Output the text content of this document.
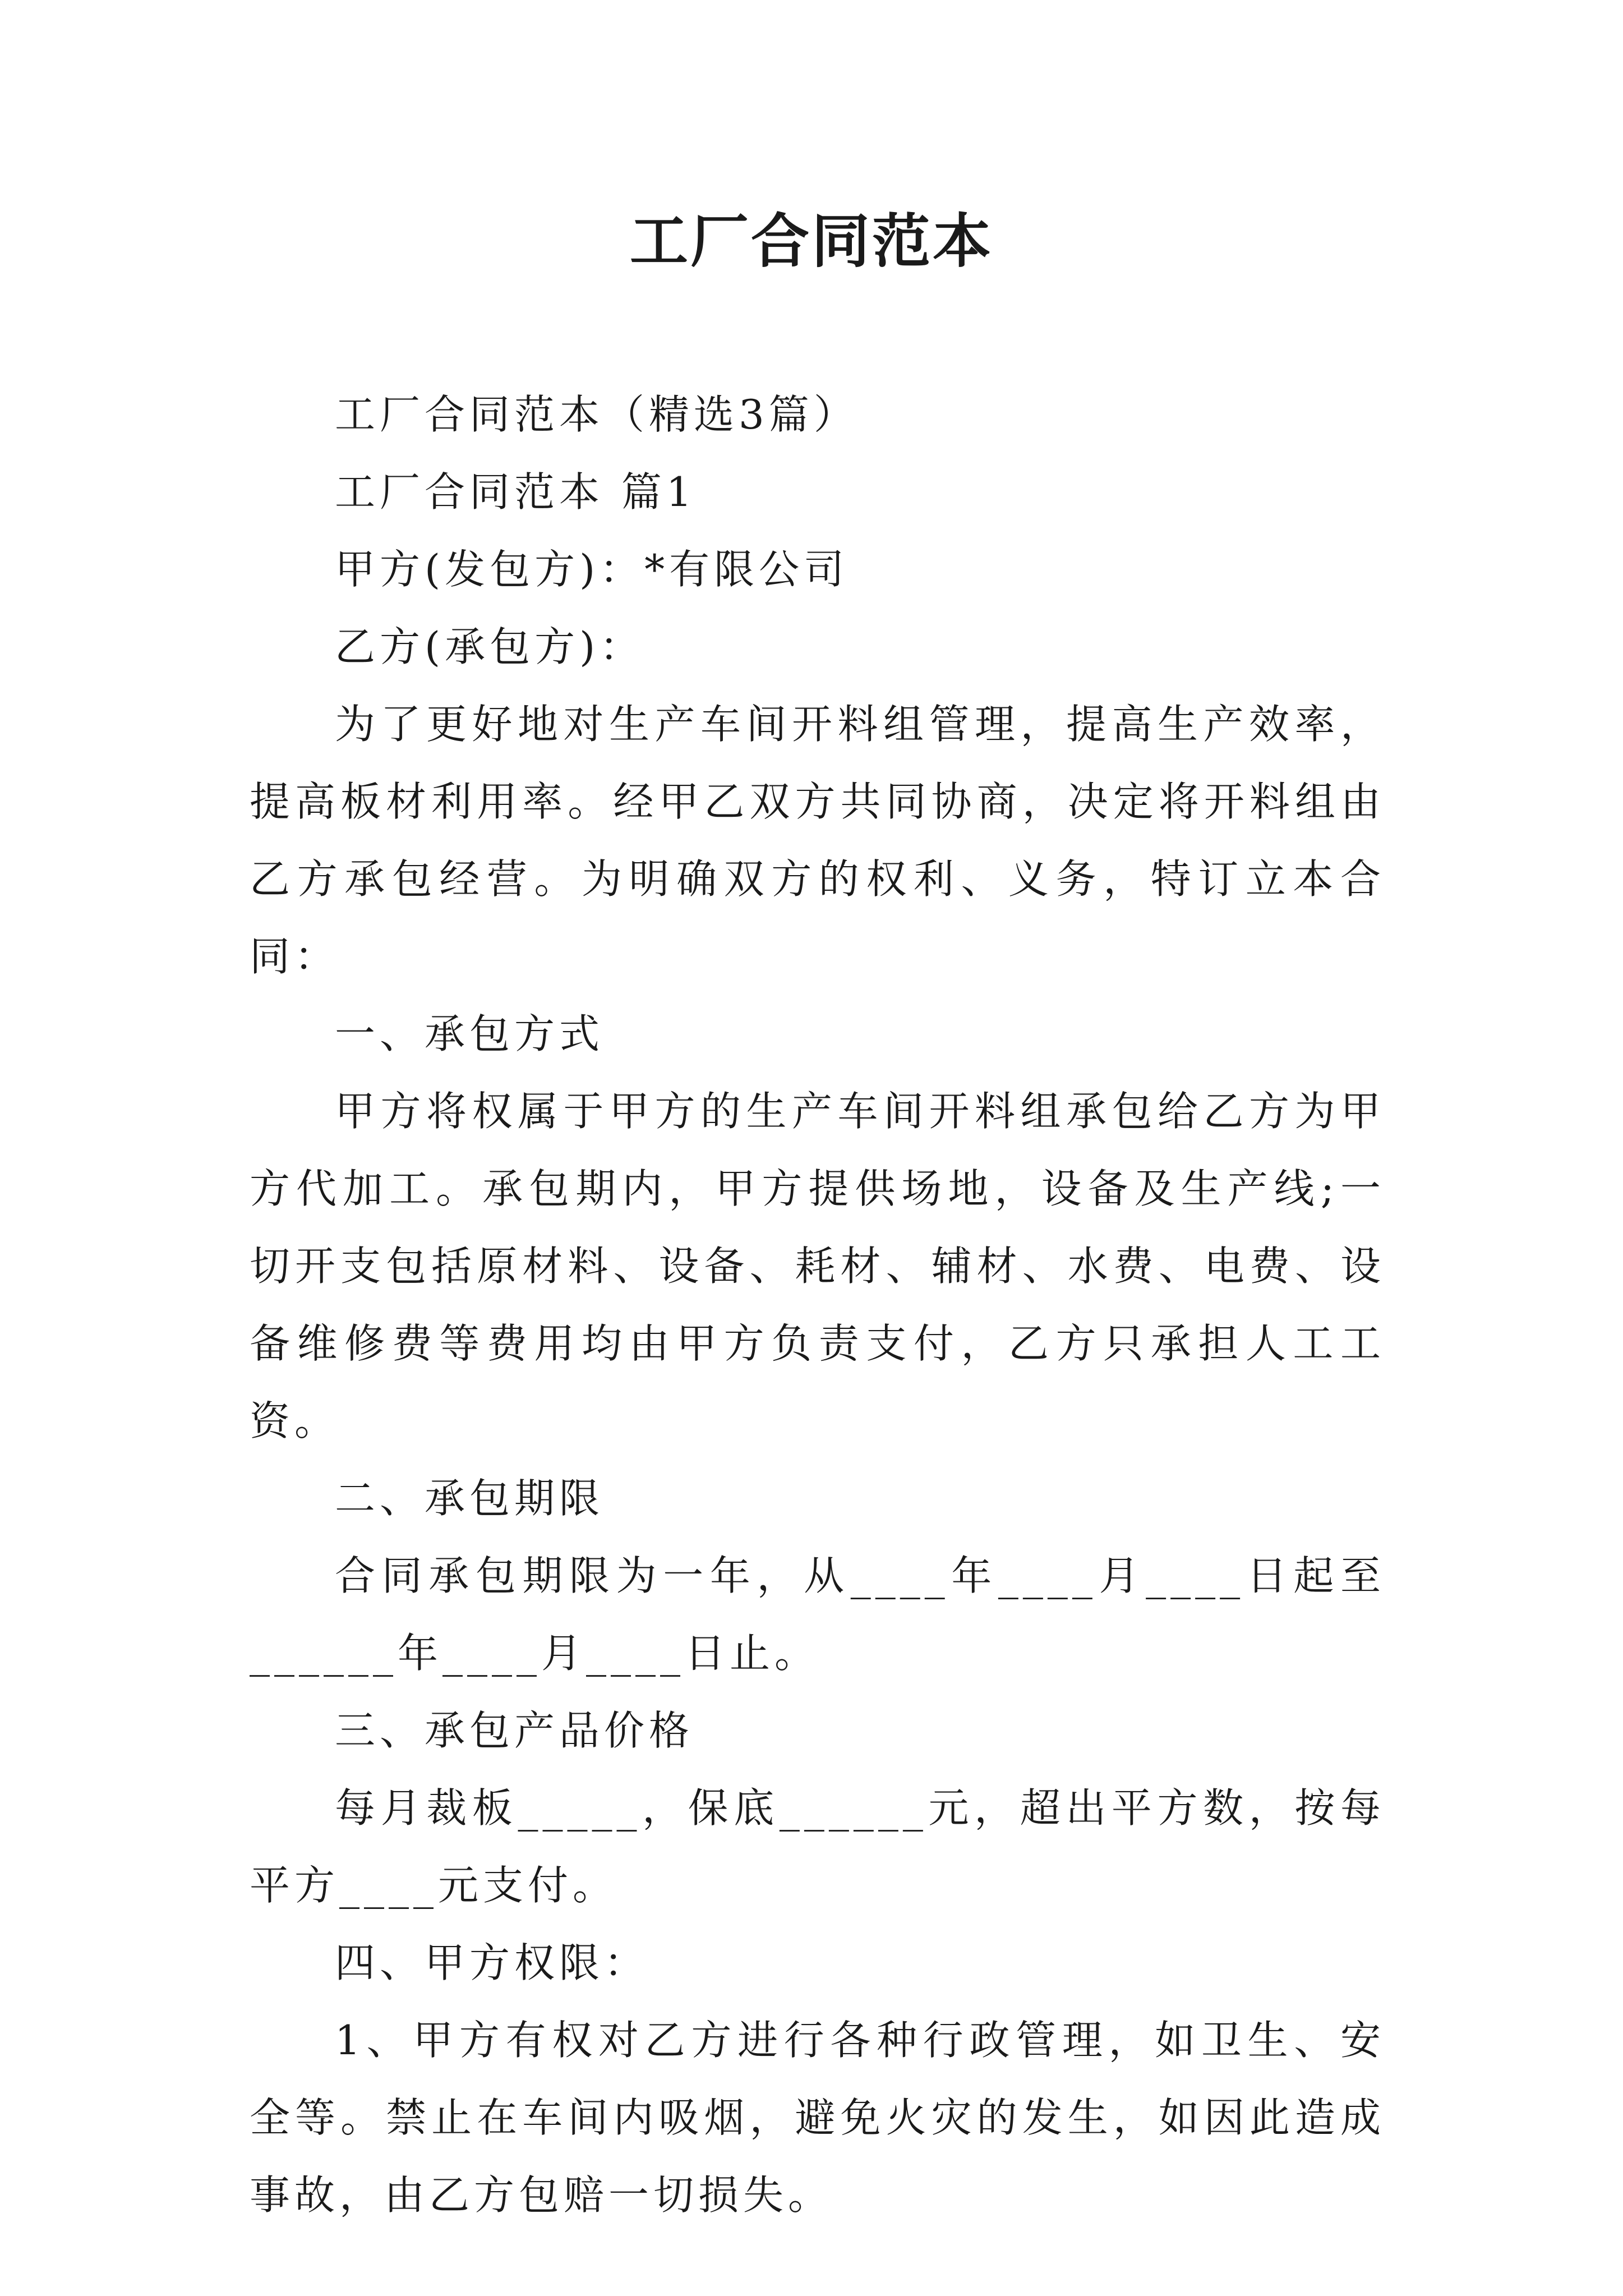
工厂合同范本

工厂合同范本（精选3篇）

工厂合同范本 篇1

甲方(发包方)：*有限公司

乙方(承包方)：

为了更好地对生产车间开料组管理，提高生产效率，提高板材利用率。经甲乙双方共同协商，决定将开料组由乙方承包经营。为明确双方的权利、义务，特订立本合同：

一、承包方式

甲方将权属于甲方的生产车间开料组承包给乙方为甲方代加工。承包期内，甲方提供场地，设备及生产线;一切开支包括原材料、设备、耗材、辅材、水费、电费、设备维修费等费用均由甲方负责支付，乙方只承担人工工资。

二、承包期限

合同承包期限为一年，从____年____月____日起至______年____月____日止。

三、承包产品价格

每月裁板_____，保底______元，超出平方数，按每平方____元支付。

四、甲方权限：

1、甲方有权对乙方进行各种行政管理，如卫生、安全等。禁止在车间内吸烟，避免火灾的发生，如因此造成事故，由乙方包赔一切损失。
